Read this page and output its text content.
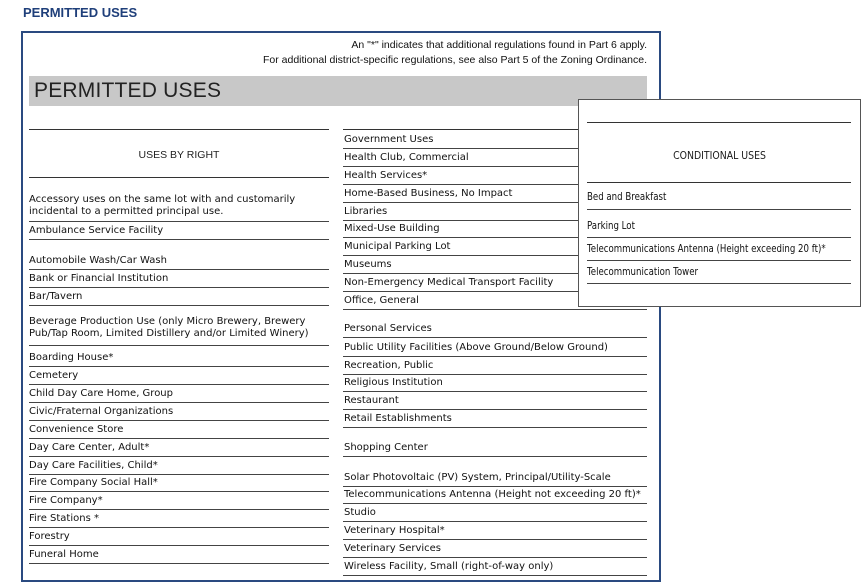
PERMITTED USES
An "*" indicates that additional regulations found in Part 6 apply.
For additional district-specific regulations, see also Part 5 of the Zoning Ordinance.
PERMITTED USES
USES BY RIGHT
Accessory uses on the same lot with and customarily incidental to a permitted principal use.
Ambulance Service Facility
Automobile Wash/Car Wash
Bank or Financial Institution
Bar/Tavern
Beverage Production Use (only Micro Brewery, Brewery Pub/Tap Room, Limited Distillery and/or Limited Winery)
Boarding House*
Cemetery
Child Day Care Home, Group
Civic/Fraternal Organizations
Convenience Store
Day Care Center, Adult*
Day Care Facilities, Child*
Fire Company Social Hall*
Fire Company*
Fire Stations *
Forestry
Funeral Home
Government Uses
Health Club, Commercial
Health Services*
Home-Based Business, No Impact
Libraries
Mixed-Use Building
Municipal Parking Lot
Museums
Non-Emergency Medical Transport Facility
Office, General
Personal Services
Public Utility Facilities (Above Ground/Below Ground)
Recreation, Public
Religious Institution
Restaurant
Retail Establishments
Shopping Center
Solar Photovoltaic (PV) System, Principal/Utility-Scale
Telecommunications Antenna (Height not exceeding 20 ft)*
Studio
Veterinary Hospital*
Veterinary Services
Wireless Facility, Small (right-of-way only)
CONDITIONAL USES
Bed and Breakfast
Parking Lot
Telecommunications Antenna (Height exceeding 20 ft)*
Telecommunication Tower
